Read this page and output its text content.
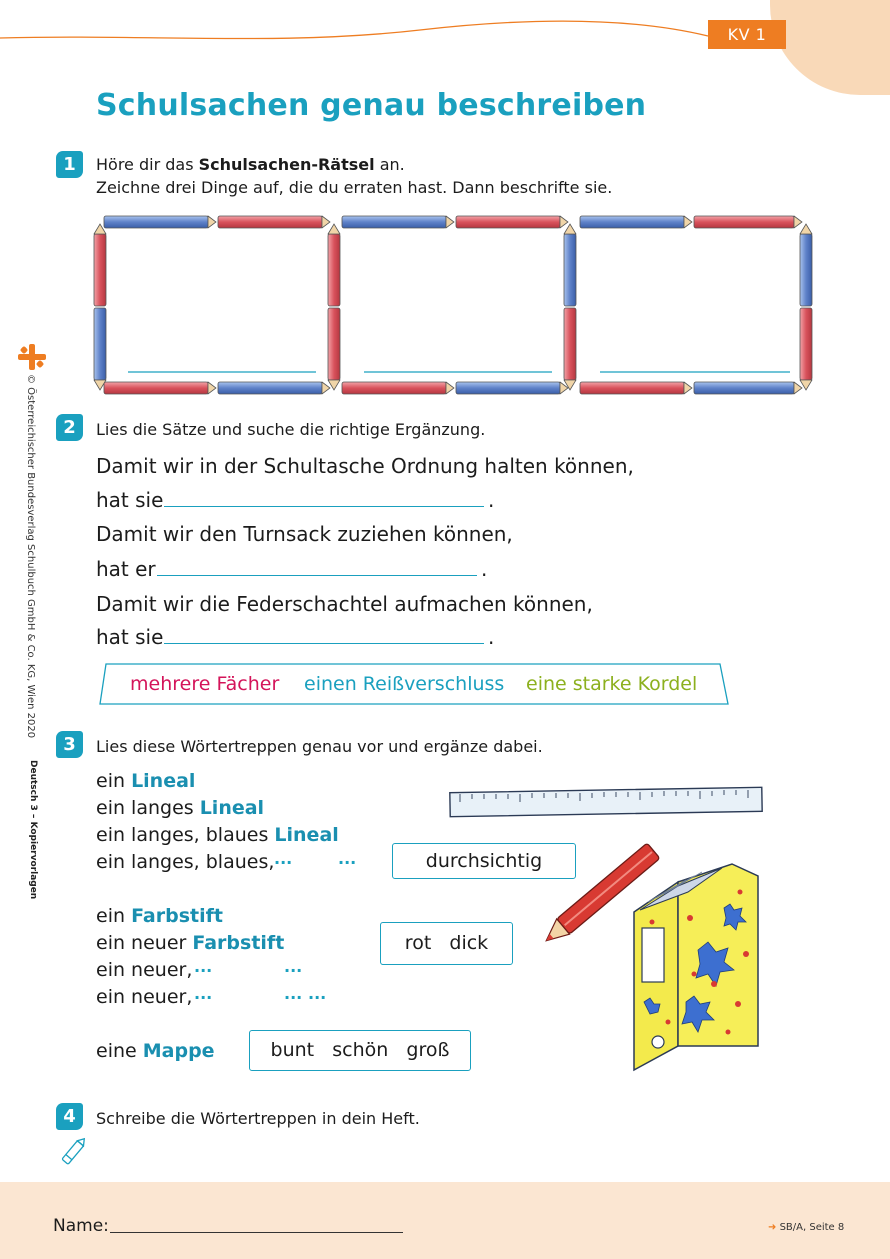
KV 1
Schulsachen genau beschreiben
© Österreichischer Bundesverlag Schulbuch GmbH & Co. KG, Wien 2020
Deutsch 3 – Kopiervorlagen
1	Höre dir das Schulsachen-Rätsel an.
Zeichne drei Dinge auf, die du erraten hast. Dann beschrifte sie.
2	Lies die Sätze und suche die richtige Ergänzung.
Damit wir in der Schultasche Ordnung halten können,
hat sie	.
Damit wir den Turnsack zuziehen können,
hat er	.
Damit wir die Federschachtel aufmachen können,
hat sie	.
mehrere Fächer einen Reißverschluss eine starke Kordel
3	Lies diese Wörtertreppen genau vor und ergänze dabei.
ein Lineal
ein langes Lineal
ein langes, blaues Lineal
ein langes, blaues, ···	···	durchsichtig
ein Farbstift
ein neuer Farbstift
ein neuer, ···	···
ein neuer, ···	··· ···
rot   dick
eine Mappe	bunt   schön   groß
4	Schreibe die Wörtertreppen in dein Heft.
Name:	➜ SB/A, Seite 8
